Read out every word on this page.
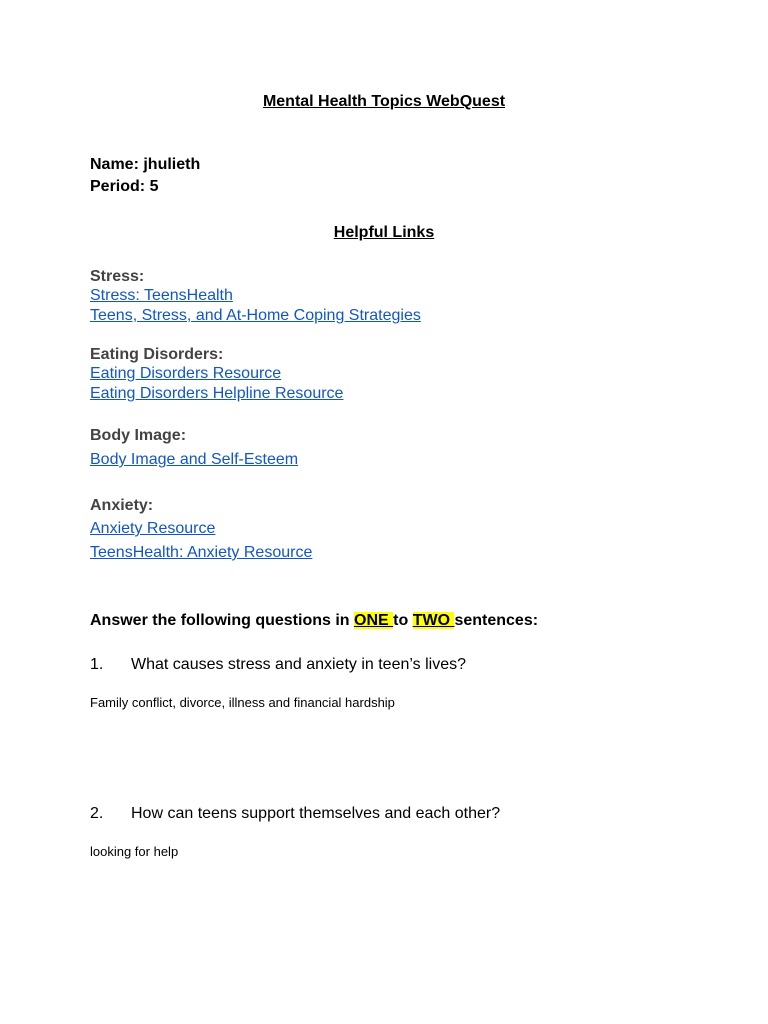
Mental Health Topics WebQuest
Name: jhulieth
Period: 5
Helpful Links
Stress:
Stress: TeensHealth
Teens, Stress, and At-Home Coping Strategies
Eating Disorders:
Eating Disorders Resource
Eating Disorders Helpline Resource
Body Image:
Body Image and Self-Esteem
Anxiety:
Anxiety Resource
TeensHealth: Anxiety Resource
Answer the following questions in ONE to TWO sentences:
1. What causes stress and anxiety in teen’s lives?
Family conflict, divorce, illness and financial hardship
2. How can teens support themselves and each other?
looking for help
